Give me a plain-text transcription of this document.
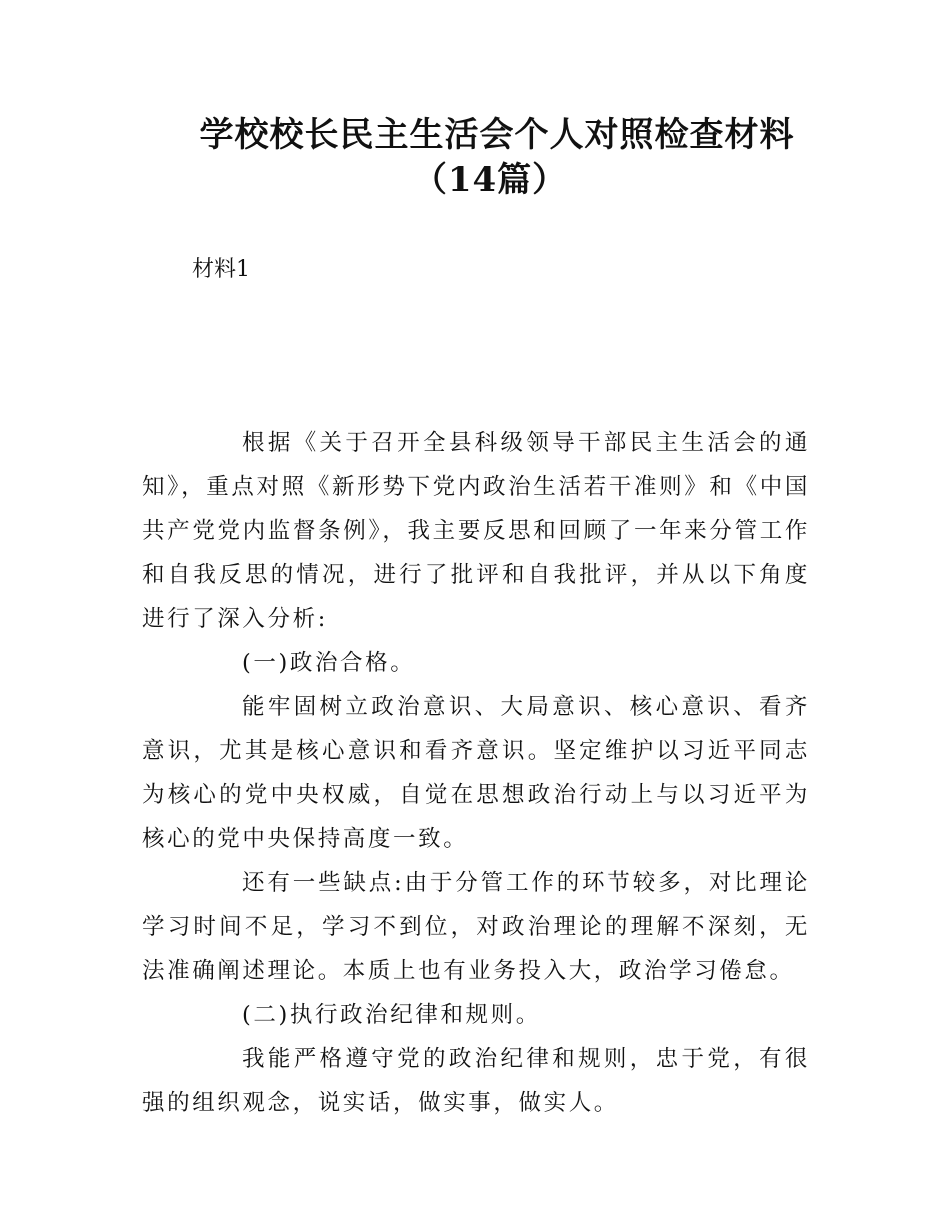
学校校长民主生活会个人对照检查材料
（14篇）
材料1

根据《关于召开全县科级领导干部民主生活会的通知》，重点对照《新形势下党内政治生活若干准则》和《中国共产党党内监督条例》，我主要反思和回顾了一年来分管工作和自我反思的情况，进行了批评和自我批评，并从以下角度进行了深入分析:

(一)政治合格。

能牢固树立政治意识、大局意识、核心意识、看齐意识，尤其是核心意识和看齐意识。坚定维护以习近平同志为核心的党中央权威，自觉在思想政治行动上与以习近平为核心的党中央保持高度一致。

还有一些缺点:由于分管工作的环节较多，对比理论学习时间不足，学习不到位，对政治理论的理解不深刻，无法准确阐述理论。本质上也有业务投入大，政治学习倦怠。

(二)执行政治纪律和规则。

我能严格遵守党的政治纪律和规则，忠于党，有很强的组织观念，说实话，做实事，做实人。
